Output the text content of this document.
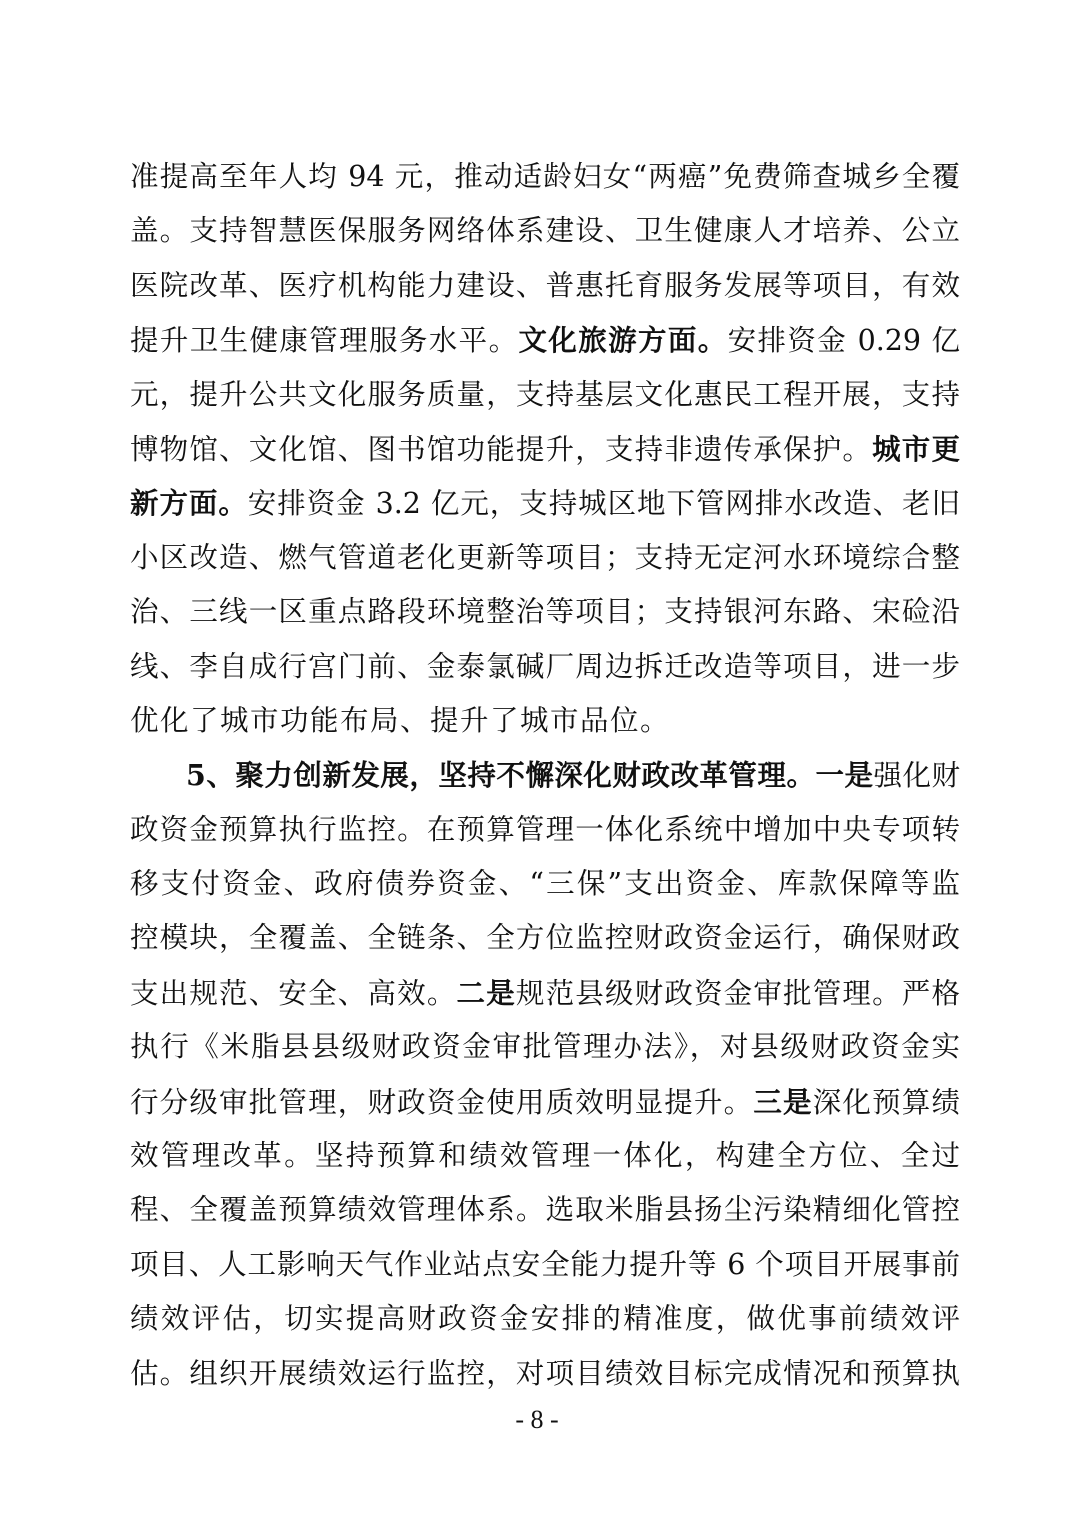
准提高至年人均 94 元，推动适龄妇女“两癌”免费筛查城乡全覆
盖。支持智慧医保服务网络体系建设、卫生健康人才培养、公立
医院改革、医疗机构能力建设、普惠托育服务发展等项目，有效
提升卫生健康管理服务水平。文化旅游方面。安排资金 0.29 亿
元，提升公共文化服务质量，支持基层文化惠民工程开展，支持
博物馆、文化馆、图书馆功能提升，支持非遗传承保护。城市更
新方面。安排资金 3.2 亿元，支持城区地下管网排水改造、老旧
小区改造、燃气管道老化更新等项目；支持无定河水环境综合整
治、三线一区重点路段环境整治等项目；支持银河东路、宋硷沿
线、李自成行宫门前、金泰氯碱厂周边拆迁改造等项目，进一步
优化了城市功能布局、提升了城市品位。
5、聚力创新发展，坚持不懈深化财政改革管理。一是强化财
政资金预算执行监控。在预算管理一体化系统中增加中央专项转
移支付资金、政府债券资金、“三保”支出资金、库款保障等监
控模块，全覆盖、全链条、全方位监控财政资金运行，确保财政
支出规范、安全、高效。二是规范县级财政资金审批管理。严格
执行《米脂县县级财政资金审批管理办法》，对县级财政资金实
行分级审批管理，财政资金使用质效明显提升。三是深化预算绩
效管理改革。坚持预算和绩效管理一体化，构建全方位、全过
程、全覆盖预算绩效管理体系。选取米脂县扬尘污染精细化管控
项目、人工影响天气作业站点安全能力提升等 6 个项目开展事前
绩效评估，切实提高财政资金安排的精准度，做优事前绩效评
估。组织开展绩效运行监控，对项目绩效目标完成情况和预算执
- 8 -
